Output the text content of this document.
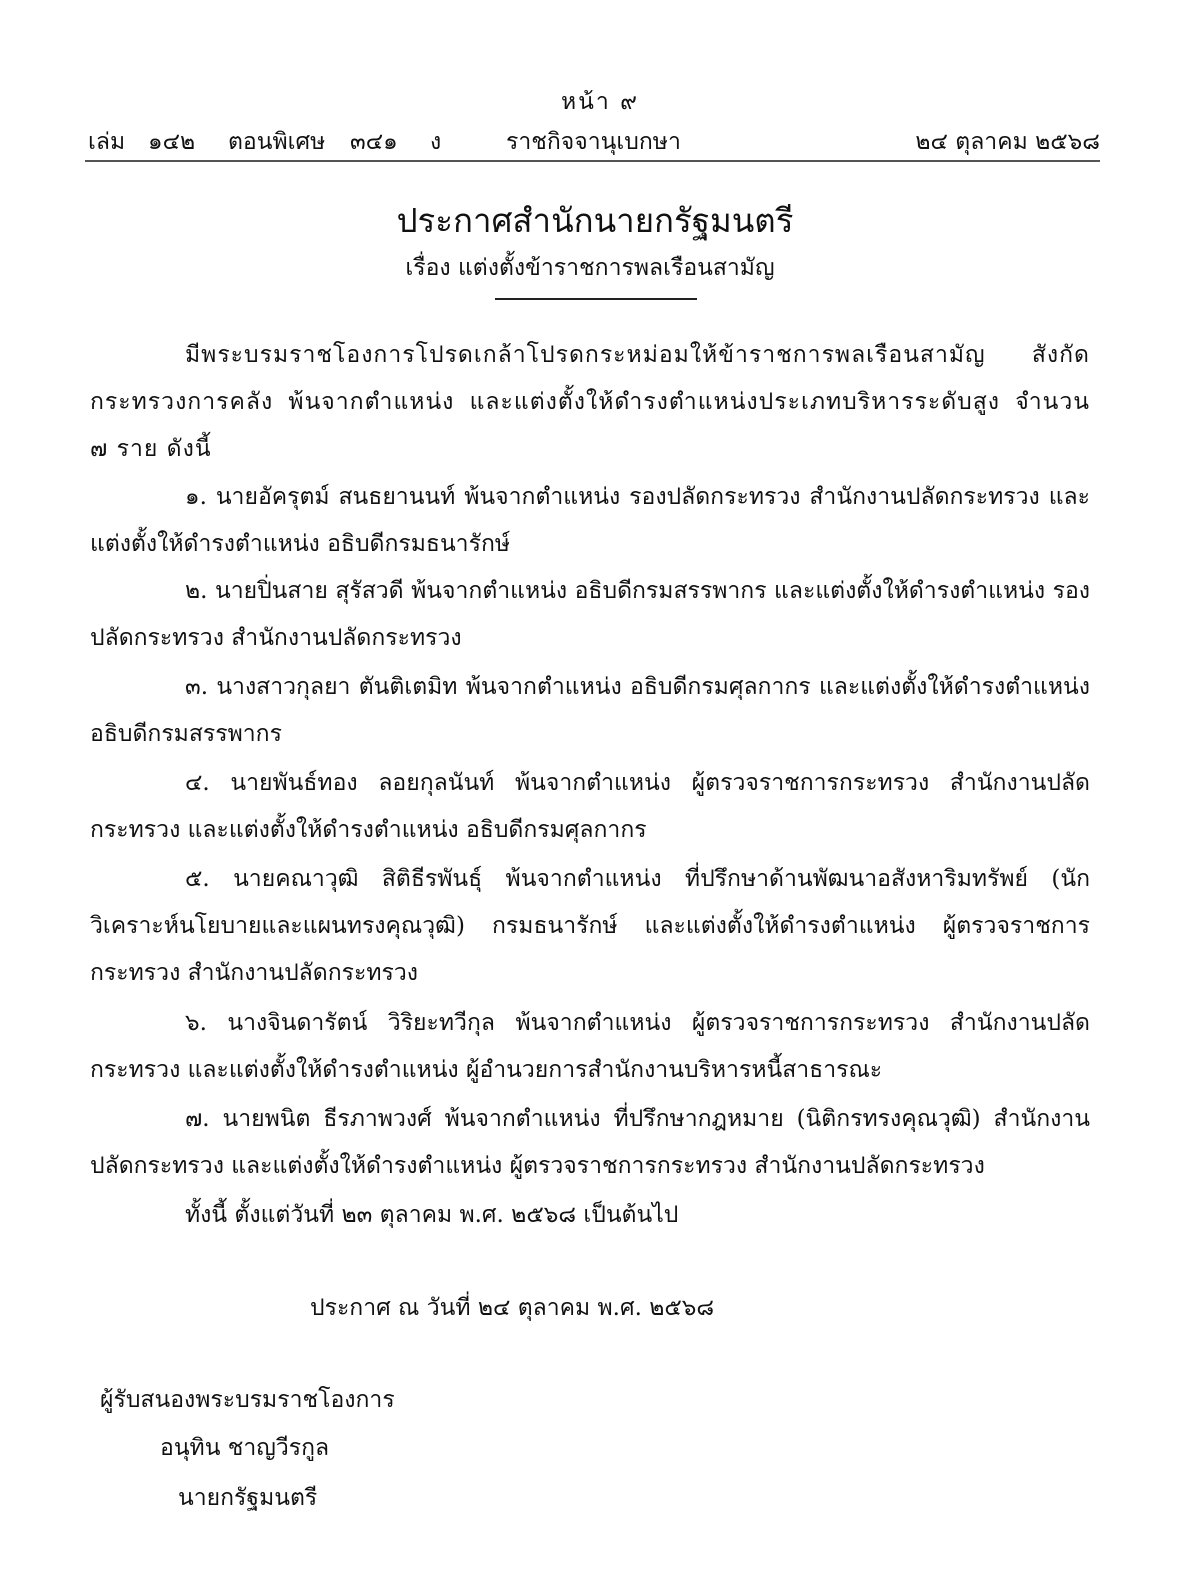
หน้า ๙
เล่ม ๑๔๒ ตอนพิเศษ ๓๔๑ ง	ราชกิจจานุเบกษา	๒๔ ตุลาคม ๒๕๖๘
ประกาศสำนักนายกรัฐมนตรี
เรื่อง แต่งตั้งข้าราชการพลเรือนสามัญ

มีพระบรมราชโองการโปรดเกล้าโปรดกระหม่อมให้ข้าราชการพลเรือนสามัญ สังกัดกระทรวงการคลัง พ้นจากตำแหน่ง และแต่งตั้งให้ดำรงตำแหน่งประเภทบริหารระดับสูง จำนวน ๗ ราย ดังนี้

๑. นายอัครุตม์ สนธยานนท์ พ้นจากตำแหน่ง รองปลัดกระทรวง สำนักงานปลัดกระทรวง และแต่งตั้งให้ดำรงตำแหน่ง อธิบดีกรมธนารักษ์

๒. นายปิ่นสาย สุรัสวดี พ้นจากตำแหน่ง อธิบดีกรมสรรพากร และแต่งตั้งให้ดำรงตำแหน่ง รองปลัดกระทรวง สำนักงานปลัดกระทรวง

๓. นางสาวกุลยา ตันติเตมิท พ้นจากตำแหน่ง อธิบดีกรมศุลกากร และแต่งตั้งให้ดำรงตำแหน่ง อธิบดีกรมสรรพากร

๔. นายพันธ์ทอง ลอยกุลนันท์ พ้นจากตำแหน่ง ผู้ตรวจราชการกระทรวง สำนักงานปลัดกระทรวง และแต่งตั้งให้ดำรงตำแหน่ง อธิบดีกรมศุลกากร

๕. นายคณาวุฒิ สิติธีรพันธุ์ พ้นจากตำแหน่ง ที่ปรึกษาด้านพัฒนาอสังหาริมทรัพย์ (นักวิเคราะห์นโยบายและแผนทรงคุณวุฒิ) กรมธนารักษ์ และแต่งตั้งให้ดำรงตำแหน่ง ผู้ตรวจราชการ กระทรวง สำนักงานปลัดกระทรวง

๖. นางจินดารัตน์ วิริยะทวีกุล พ้นจากตำแหน่ง ผู้ตรวจราชการกระทรวง สำนักงานปลัดกระทรวง และแต่งตั้งให้ดำรงตำแหน่ง ผู้อำนวยการสำนักงานบริหารหนี้สาธารณะ

๗. นายพนิต ธีรภาพวงศ์ พ้นจากตำแหน่ง ที่ปรึกษากฎหมาย (นิติกรทรงคุณวุฒิ) สำนักงาน ปลัดกระทรวง และแต่งตั้งให้ดำรงตำแหน่ง ผู้ตรวจราชการกระทรวง สำนักงานปลัดกระทรวง

ทั้งนี้ ตั้งแต่วันที่ ๒๓ ตุลาคม พ.ศ. ๒๕๖๘ เป็นต้นไป

ประกาศ ณ วันที่ ๒๔ ตุลาคม พ.ศ. ๒๕๖๘
ผู้รับสนองพระบรมราชโองการ
อนุทิน ชาญวีรกูล
นายกรัฐมนตรี
